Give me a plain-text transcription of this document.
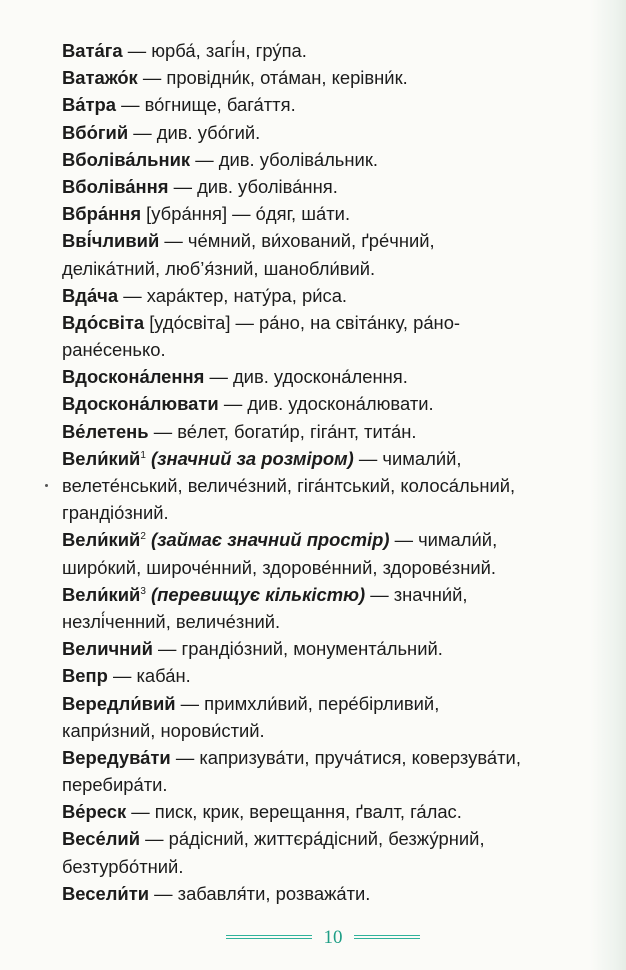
Вата́га — юрба́, загі́н, гру́па.
Ватажо́к — провідни́к, ота́ман, керівни́к.
Ва́тра — во́гнище, бага́ття.
Вбо́гий — див. убо́гий.
Вболіва́льник — див. уболіва́льник.
Вболіва́ння — див. уболіва́ння.
Вбра́ння [убра́ння] — о́дяг, ша́ти.
Вві́чливий — че́мний, ви́хований, ґре́чний,
деліка́тний, люб’я́зний, шанобли́вий.
Вда́ча — хара́ктер, нату́ра, ри́са.
Вдо́світа [удо́світа] — ра́но, на світа́нку, ра́но-
ране́сенько.
Вдоскона́лення — див. удоскона́лення.
Вдоскона́лювати — див. удоскона́лювати.
Ве́летень — ве́лет, богати́р, гіга́нт, тита́н.
Вели́кий$^1$ (значний за розміром) — чимали́й,
велете́нський, величе́зний, гіга́нтський, колоса́льний,
грандіо́зний.
Вели́кий$^2$ (займає значний простір) — чимали́й,
широ́кий, широче́нний, здорове́нний, здорове́зний.
Вели́кий$^3$ (перевищує кількістю) — значни́й,
незлі́ченний, величе́зний.
Величний — грандіо́зний, монумента́льний.
Вепр — каба́н.
Вередли́вий — примхли́вий, пере́бірливий,
капри́зний, норови́стий.
Вередува́ти — капризува́ти, пруча́тися, коверзува́ти,
перебира́ти.
Ве́реск — писк, крик, верещання, ґвалт, га́лас.
Весе́лий — ра́дісний, життєра́дісний, безжу́рний,
безтурбо́тний.
Весели́ти — забавля́ти, розважа́ти.
10
